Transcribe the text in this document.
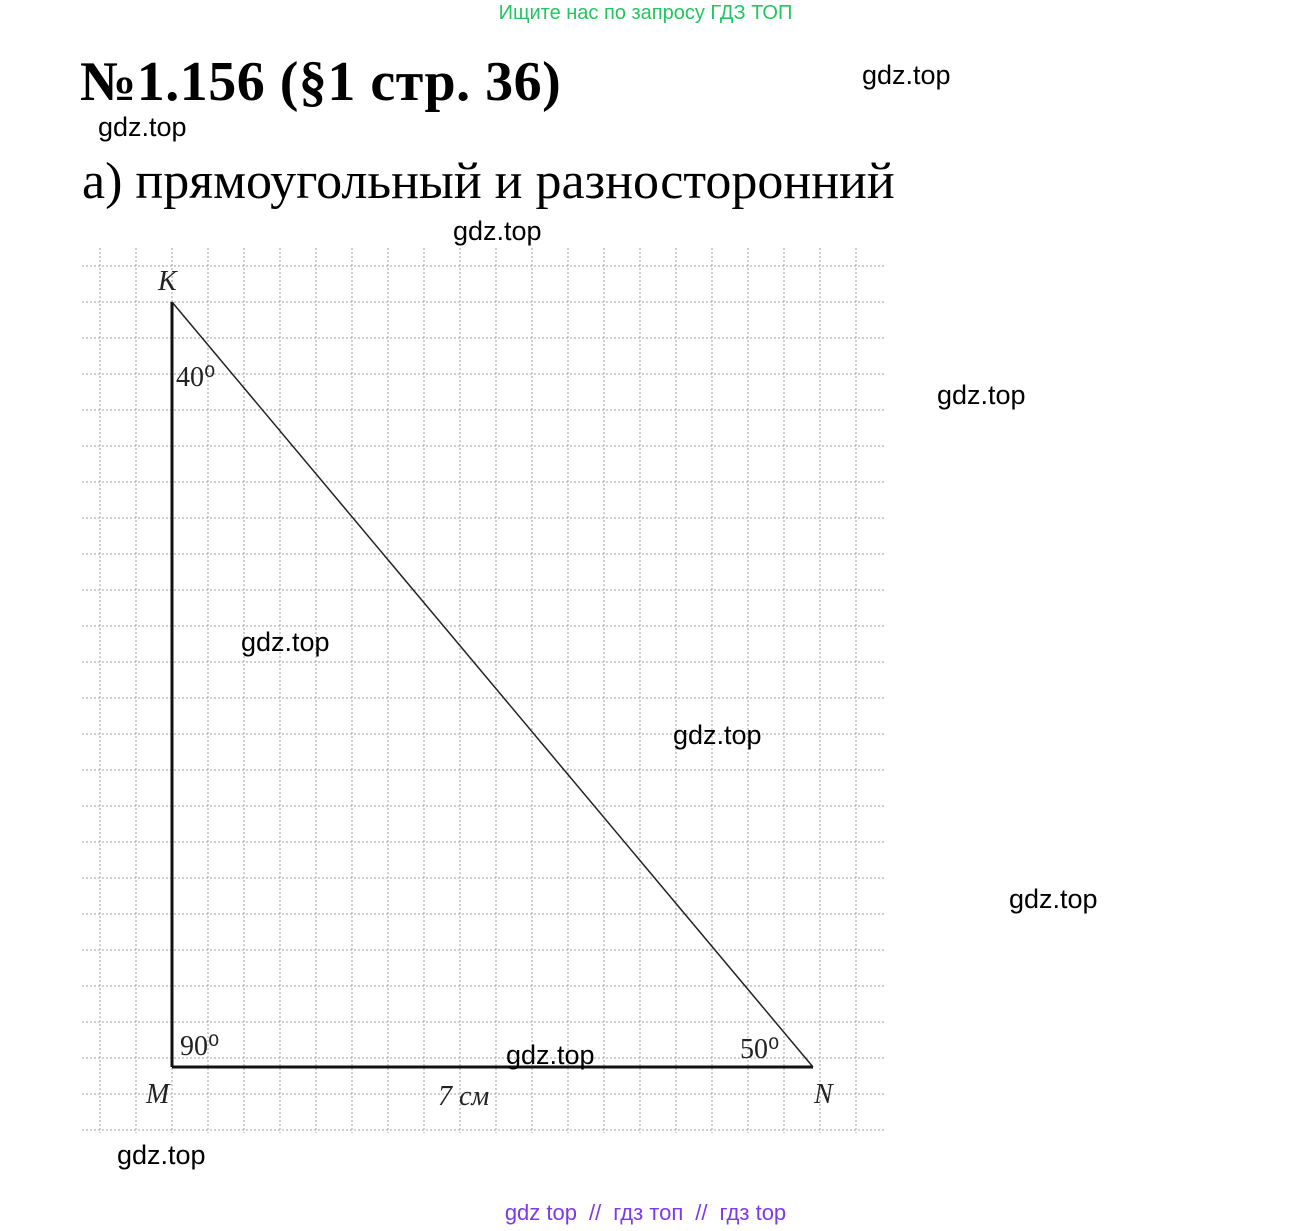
Ищите нас по запросу ГДЗ ТОП
№1.156 (§1 стр. 36)
а) прямоугольный и разносторонний
K
M	N
40⁰
90⁰	50⁰
7 см
gdz.top
gdz.top
gdz.top
gdz.top
gdz.top
gdz.top
gdz.top
gdz.top
gdz.top
gdz top // гдз топ // гдз top
